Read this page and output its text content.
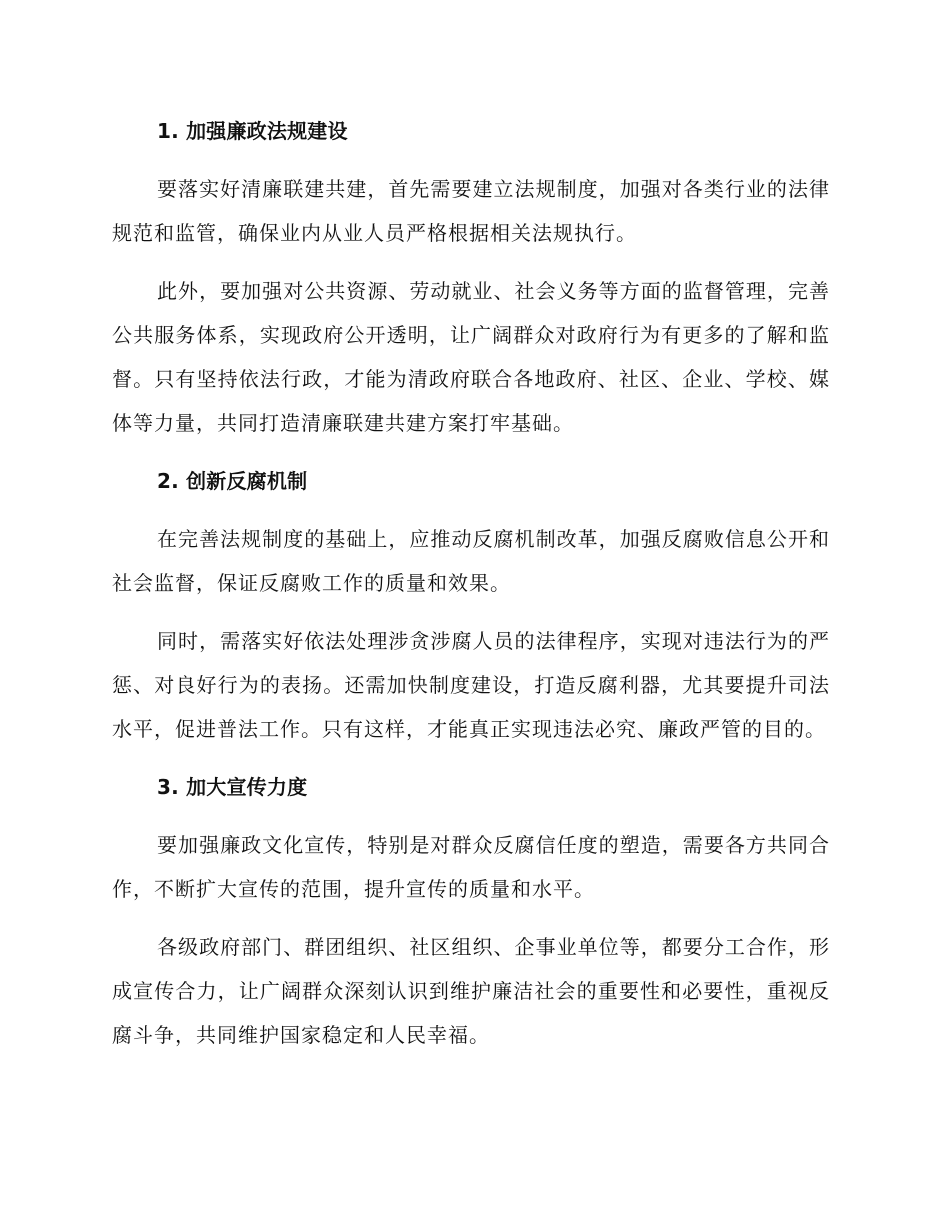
1. 加强廉政法规建设

要落实好清廉联建共建，首先需要建立法规制度，加强对各类行业的法律规范和监管，确保业内从业人员严格根据相关法规执行。

此外，要加强对公共资源、劳动就业、社会义务等方面的监督管理，完善公共服务体系，实现政府公开透明，让广阔群众对政府行为有更多的了解和监督。只有坚持依法行政，才能为清政府联合各地政府、社区、企业、学校、媒体等力量，共同打造清廉联建共建方案打牢基础。

2. 创新反腐机制

在完善法规制度的基础上，应推动反腐机制改革，加强反腐败信息公开和社会监督，保证反腐败工作的质量和效果。

同时，需落实好依法处理涉贪涉腐人员的法律程序，实现对违法行为的严惩、对良好行为的表扬。还需加快制度建设，打造反腐利器，尤其要提升司法水平，促进普法工作。只有这样，才能真正实现违法必究、廉政严管的目的。

3. 加大宣传力度

要加强廉政文化宣传，特别是对群众反腐信任度的塑造，需要各方共同合作，不断扩大宣传的范围，提升宣传的质量和水平。

各级政府部门、群团组织、社区组织、企事业单位等，都要分工合作，形成宣传合力，让广阔群众深刻认识到维护廉洁社会的重要性和必要性，重视反腐斗争，共同维护国家稳定和人民幸福。
